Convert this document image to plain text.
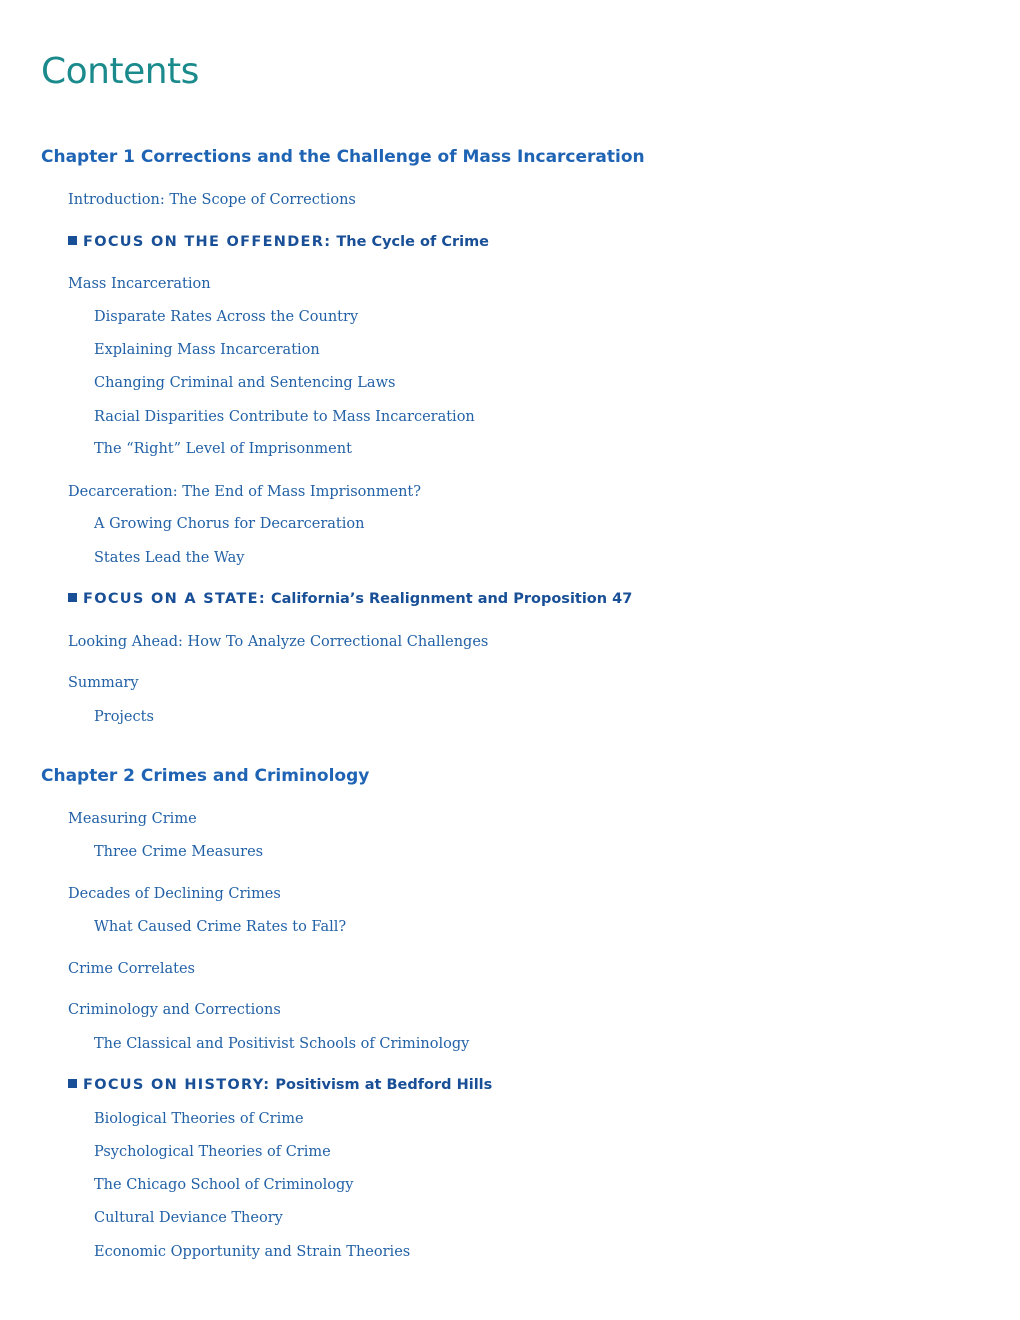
Contents
Chapter 1 Corrections and the Challenge of Mass Incarceration
Introduction: The Scope of Corrections
FOCUS ON THE OFFENDER: The Cycle of Crime
Mass Incarceration
Disparate Rates Across the Country
Explaining Mass Incarceration
Changing Criminal and Sentencing Laws
Racial Disparities Contribute to Mass Incarceration
The “Right” Level of Imprisonment
Decarceration: The End of Mass Imprisonment?
A Growing Chorus for Decarceration
States Lead the Way
FOCUS ON A STATE: California’s Realignment and Proposition 47
Looking Ahead: How To Analyze Correctional Challenges
Summary
Projects
Chapter 2 Crimes and Criminology
Measuring Crime
Three Crime Measures
Decades of Declining Crimes
What Caused Crime Rates to Fall?
Crime Correlates
Criminology and Corrections
The Classical and Positivist Schools of Criminology
FOCUS ON HISTORY: Positivism at Bedford Hills
Biological Theories of Crime
Psychological Theories of Crime
The Chicago School of Criminology
Cultural Deviance Theory
Economic Opportunity and Strain Theories
